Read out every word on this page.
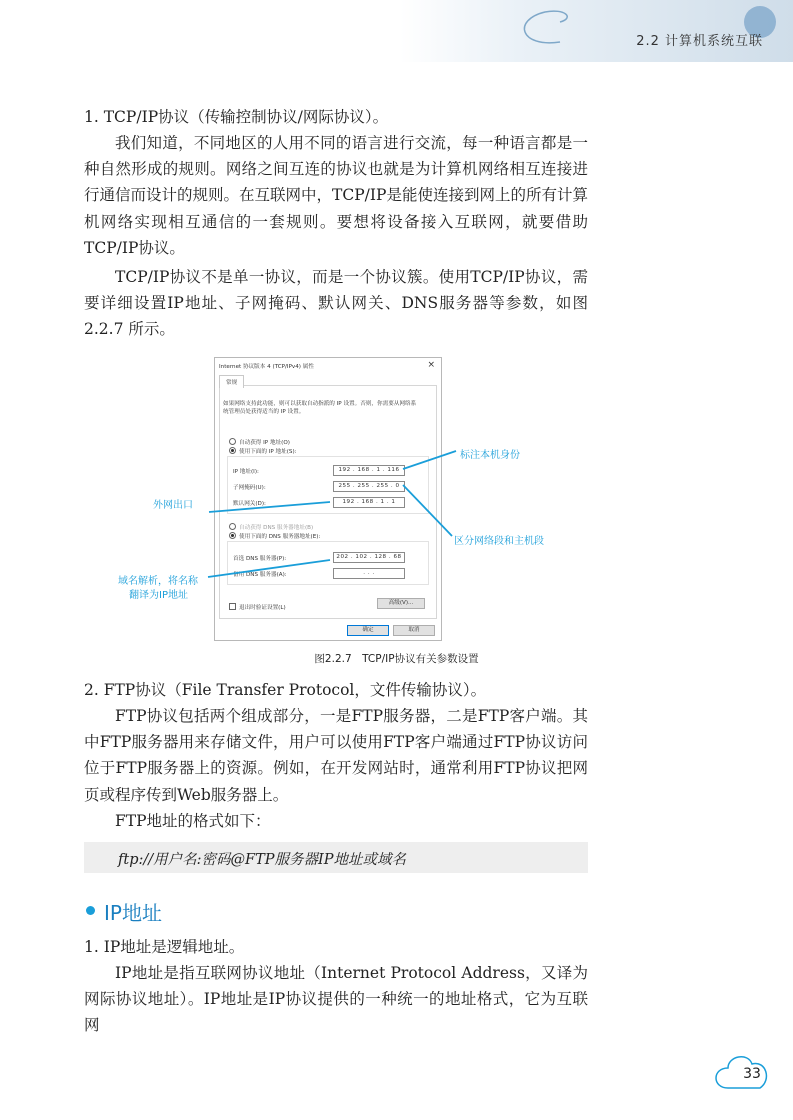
2.2 计算机系统互联
1. TCP/IP协议（传输控制协议/网际协议）。
我们知道，不同地区的人用不同的语言进行交流，每一种语言都是一种自然形成的规则。网络之间互连的协议也就是为计算机网络相互连接进行通信而设计的规则。在互联网中，TCP/IP是能使连接到网上的所有计算机网络实现相互通信的一套规则。要想将设备接入互联网，就要借助TCP/IP协议。
TCP/IP协议不是单一协议，而是一个协议簇。使用TCP/IP协议，需要详细设置IP地址、子网掩码、默认网关、DNS服务器等参数，如图2.2.7 所示。
Internet 协议版本 4 (TCP/IPv4) 属性	×
常规
如果网络支持此功能，则可以获取自动指派的 IP 设置。否则，你需要从网络系统管理员处获得适当的 IP 设置。
自动获得 IP 地址(O)
使用下面的 IP 地址(S):
IP 地址(I):	192 . 168 . 1 . 116
子网掩码(U):	255 . 255 . 255 . 0
默认网关(D):	192 . 168 . 1 . 1
自动获得 DNS 服务器地址(B)
使用下面的 DNS 服务器地址(E):
首选 DNS 服务器(P):	202 . 102 . 128 . 68
备用 DNS 服务器(A):	. . .
退出时验证设置(L)
高级(V)...
确定	取消
标注本机身份
外网出口
区分网络段和主机段
域名解析，将名称
翻译为IP地址
图2.2.7　TCP/IP协议有关参数设置
2. FTP协议（File Transfer Protocol，文件传输协议）。
FTP协议包括两个组成部分，一是FTP服务器，二是FTP客户端。其中FTP服务器用来存储文件，用户可以使用FTP客户端通过FTP协议访问位于FTP服务器上的资源。例如，在开发网站时，通常利用FTP协议把网页或程序传到Web服务器上。
FTP地址的格式如下：
ftp://用户名:密码@FTP服务器IP地址或域名
IP地址
1. IP地址是逻辑地址。
IP地址是指互联网协议地址（Internet Protocol Address，又译为网际协议地址）。IP地址是IP协议提供的一种统一的地址格式，它为互联网
33
